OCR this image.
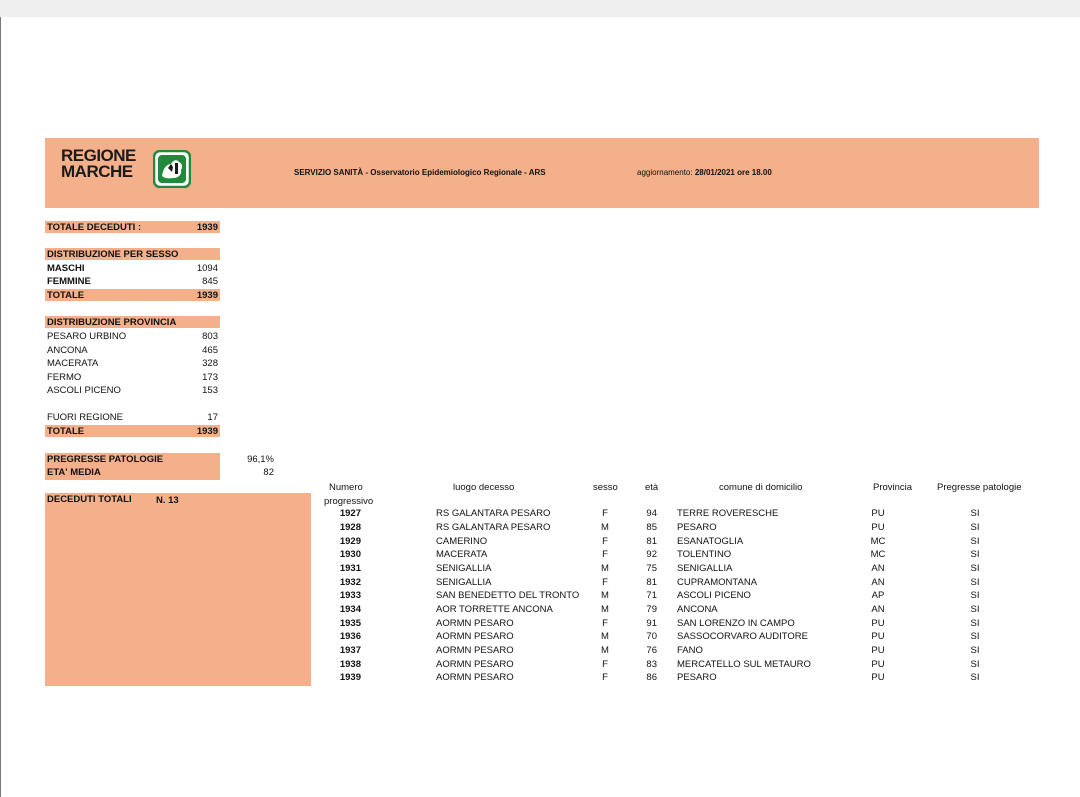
REGIONE
MARCHE	SERVIZIO SANITÀ - Osservatorio Epidemiologico Regionale - ARS	aggiornamento: 28/01/2021 ore 18.00
TOTALE DECEDUTI :	1939
DISTRIBUZIONE PER SESSO
MASCHI	1094
FEMMINE	845
TOTALE	1939
DISTRIBUZIONE PROVINCIA
PESARO URBINO	803
ANCONA	465
MACERATA	328
FERMO	173
ASCOLI PICENO	153
FUORI REGIONE	17
TOTALE	1939
PREGRESSE PATOLOGIE	96,1%
ETA' MEDIA	82
DECEDUTI TOTALI	N. 13
Numero
progressivo
luogo decesso	sesso	età	comune di domicilio	Provincia	Pregresse patologie
1927	RS GALANTARA PESARO	F	94 TERRE ROVERESCHE	PU	SI
1928	RS GALANTARA PESARO	M	85 PESARO	PU	SI
1929	CAMERINO	F	81 ESANATOGLIA	MC	SI
1930	MACERATA	F	92 TOLENTINO	MC	SI
1931	SENIGALLIA	M	75 SENIGALLIA	AN	SI
1932	SENIGALLIA	F	81 CUPRAMONTANA	AN	SI
1933	SAN BENEDETTO DEL TRONTO	M	71 ASCOLI PICENO	AP	SI
1934	AOR TORRETTE ANCONA	M	79 ANCONA	AN	SI
1935	AORMN PESARO	F	91 SAN LORENZO IN CAMPO	PU	SI
1936	AORMN PESARO	M	70 SASSOCORVARO AUDITORE	PU	SI
1937	AORMN PESARO	M	76 FANO	PU	SI
1938	AORMN PESARO	F	83 MERCATELLO SUL METAURO	PU	SI
1939	AORMN PESARO	F	86 PESARO	PU	SI
